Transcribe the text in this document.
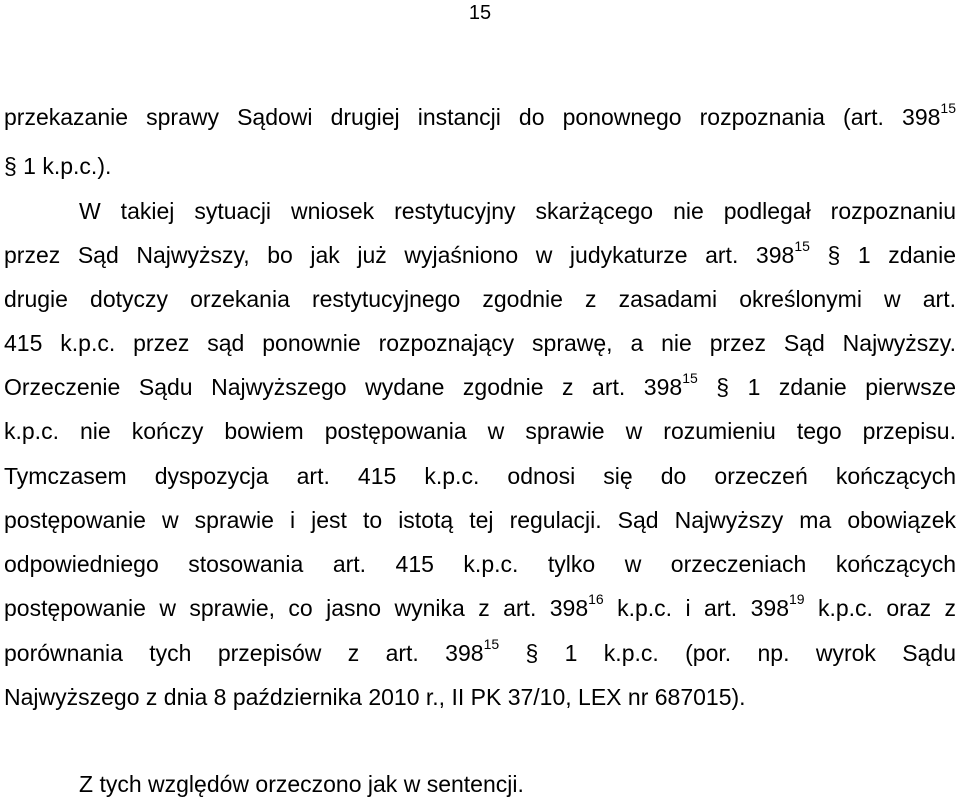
15
przekazanie sprawy Sądowi drugiej instancji do ponownego rozpoznania (art. $398^{15}$
§ 1 k.p.c.).
W takiej sytuacji wniosek restytucyjny skarżącego nie podlegał rozpoznaniu
przez Sąd Najwyższy, bo jak już wyjaśniono w judykaturze art. $398^{15}$ § 1 zdanie
drugie dotyczy orzekania restytucyjnego zgodnie z zasadami określonymi w art.
415 k.p.c. przez sąd ponownie rozpoznający sprawę, a nie przez Sąd Najwyższy.
Orzeczenie Sądu Najwyższego wydane zgodnie z art. $398^{15}$ § 1 zdanie pierwsze
k.p.c. nie kończy bowiem postępowania w sprawie w rozumieniu tego przepisu.
Tymczasem dyspozycja art. 415 k.p.c. odnosi się do orzeczeń kończących
postępowanie w sprawie i jest to istotą tej regulacji. Sąd Najwyższy ma obowiązek
odpowiedniego stosowania art. 415 k.p.c. tylko w orzeczeniach kończących
postępowanie w sprawie, co jasno wynika z art. $398^{16}$ k.p.c. i art. $398^{19}$ k.p.c. oraz z
porównania tych przepisów z art. $398^{15}$ § 1 k.p.c. (por. np. wyrok Sądu
Najwyższego z dnia 8 października 2010 r., II PK 37/10, LEX nr 687015).
Z tych względów orzeczono jak w sentencji.
